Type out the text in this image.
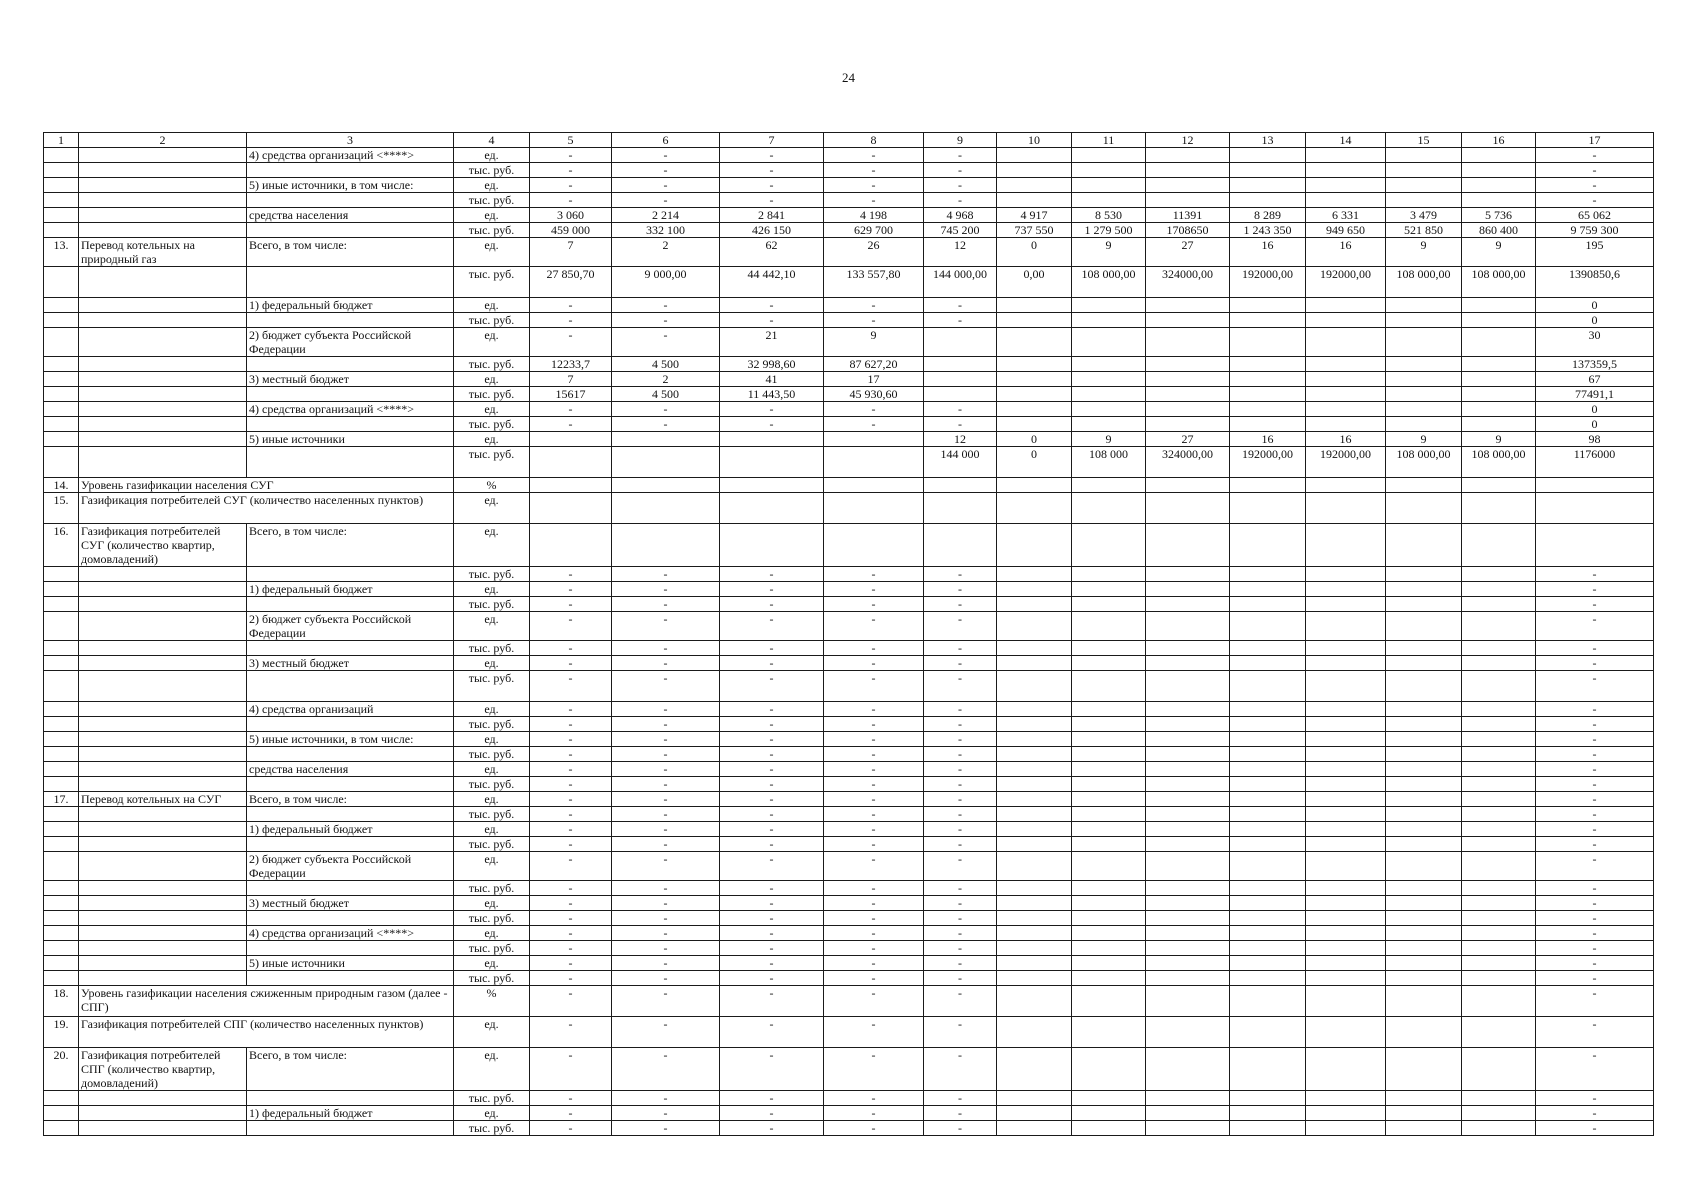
24
1	2	3	4	5	6	7	8	9	10	11	12	13	14	15	16	17
		4) средства организаций <****>	ед.	-	-	-	-	-								-
			тыс. руб.	-	-	-	-	-								-
		5) иные источники, в том числе:	ед.	-	-	-	-	-								-
			тыс. руб.	-	-	-	-	-								-
		средства населения	ед.	3 060	2 214	2 841	4 198	4 968	4 917	8 530	11391	8 289	6 331	3 479	5 736	65 062
			тыс. руб.	459 000	332 100	426 150	629 700	745 200	737 550	1 279 500	1708650	1 243 350	949 650	521 850	860 400	9 759 300
13.	Перевод котельных на природный газ	Всего, в том числе:	ед.	7	2	62	26	12	0	9	27	16	16	9	9	195
			тыс. руб.	27 850,70	9 000,00	44 442,10	133 557,80	144 000,00	0,00	108 000,00	324000,00	192000,00	192000,00	108 000,00	108 000,00	1390850,6
		1) федеральный бюджет	ед.	-	-	-	-	-								0
			тыс. руб.	-	-	-	-	-								0
		2) бюджет субъекта Российской Федерации	ед.	-	-	21	9									30
			тыс. руб.	12233,7	4 500	32 998,60	87 627,20									137359,5
		3) местный бюджет	ед.	7	2	41	17									67
			тыс. руб.	15617	4 500	11 443,50	45 930,60									77491,1
		4) средства организаций <****>	ед.	-	-	-	-	-								0
			тыс. руб.	-	-	-	-	-								0
		5) иные источники	ед.					12	0	9	27	16	16	9	9	98
			тыс. руб.					144 000	0	108 000	324000,00	192000,00	192000,00	108 000,00	108 000,00	1176000
14.	Уровень газификации населения СУГ		%													
15.	Газификация потребителей СУГ (количество населенных пунктов)		ед.													
16.	Газификация потребителей СУГ (количество квартир, домовладений)	Всего, в том числе:	ед.													
			тыс. руб.	-	-	-	-	-								-
		1) федеральный бюджет	ед.	-	-	-	-	-								-
			тыс. руб.	-	-	-	-	-								-
		2) бюджет субъекта Российской Федерации	ед.	-	-	-	-	-								-
			тыс. руб.	-	-	-	-	-								-
		3) местный бюджет	ед.	-	-	-	-	-								-
			тыс. руб.	-	-	-	-	-								-
		4) средства организаций	ед.	-	-	-	-	-								-
			тыс. руб.	-	-	-	-	-								-
		5) иные источники, в том числе:	ед.	-	-	-	-	-								-
			тыс. руб.	-	-	-	-	-								-
		средства населения	ед.	-	-	-	-	-								-
			тыс. руб.	-	-	-	-	-								-
17.	Перевод котельных на СУГ	Всего, в том числе:	ед.	-	-	-	-	-								-
			тыс. руб.	-	-	-	-	-								-
		1) федеральный бюджет	ед.	-	-	-	-	-								-
			тыс. руб.	-	-	-	-	-								-
		2) бюджет субъекта Российской Федерации	ед.	-	-	-	-	-								-
			тыс. руб.	-	-	-	-	-								-
		3) местный бюджет	ед.	-	-	-	-	-								-
			тыс. руб.	-	-	-	-	-								-
		4) средства организаций <****>	ед.	-	-	-	-	-								-
			тыс. руб.	-	-	-	-	-								-
		5) иные источники	ед.	-	-	-	-	-								-
			тыс. руб.	-	-	-	-	-								-
18.	Уровень газификации населения сжиженным природным газом (далее - СПГ)		%	-	-	-	-	-								-
19.	Газификация потребителей СПГ (количество населенных пунктов)		ед.	-	-	-	-	-								-
20.	Газификация потребителей СПГ (количество квартир, домовладений)	Всего, в том числе:	ед.	-	-	-	-	-								-
			тыс. руб.	-	-	-	-	-								-
		1) федеральный бюджет	ед.	-	-	-	-	-								-
			тыс. руб.	-	-	-	-	-								-
